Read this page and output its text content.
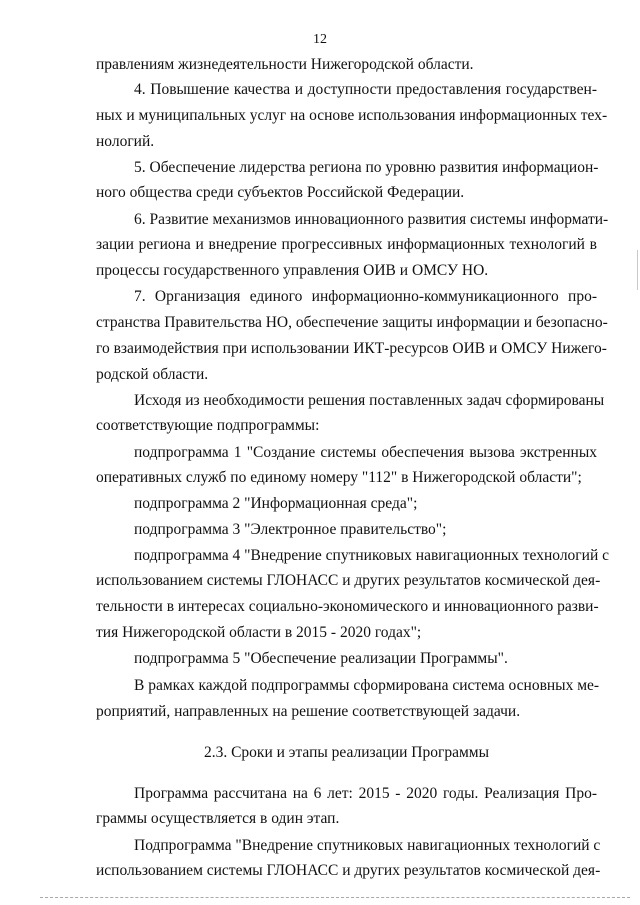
12
правлениям жизнедеятельности Нижегородской области.
4. Повышение качества и доступности предоставления государствен-
ных и муниципальных услуг на основе использования информационных тех-
нологий.
5. Обеспечение лидерства региона по уровню развития информацион-
ного общества среди субъектов Российской Федерации.
6. Развитие механизмов инновационного развития системы информати-
зации региона и внедрение прогрессивных информационных технологий в
процессы государственного управления ОИВ и ОМСУ НО.
7. Организация единого информационно-коммуникационного про-
странства Правительства НО, обеспечение защиты информации и безопасно-
го взаимодействия при использовании ИКТ-ресурсов ОИВ и ОМСУ Нижего-
родской области.
Исходя из необходимости решения поставленных задач сформированы
соответствующие подпрограммы:
подпрограмма 1 "Создание системы обеспечения вызова экстренных
оперативных служб по единому номеру "112" в Нижегородской области";
подпрограмма 2 "Информационная среда";
подпрограмма 3 "Электронное правительство";
подпрограмма 4 "Внедрение спутниковых навигационных технологий с
использованием системы ГЛОНАСС и других результатов космической дея-
тельности в интересах социально-экономического и инновационного разви-
тия Нижегородской области в 2015 - 2020 годах";
подпрограмма 5 "Обеспечение реализации Программы".
В рамках каждой подпрограммы сформирована система основных ме-
роприятий, направленных на решение соответствующей задачи.
2.3. Сроки и этапы реализации Программы
Программа рассчитана на 6 лет: 2015 - 2020 годы. Реализация Про-
граммы осуществляется в один этап.
Подпрограмма "Внедрение спутниковых навигационных технологий с
использованием системы ГЛОНАСС и других результатов космической дея-
